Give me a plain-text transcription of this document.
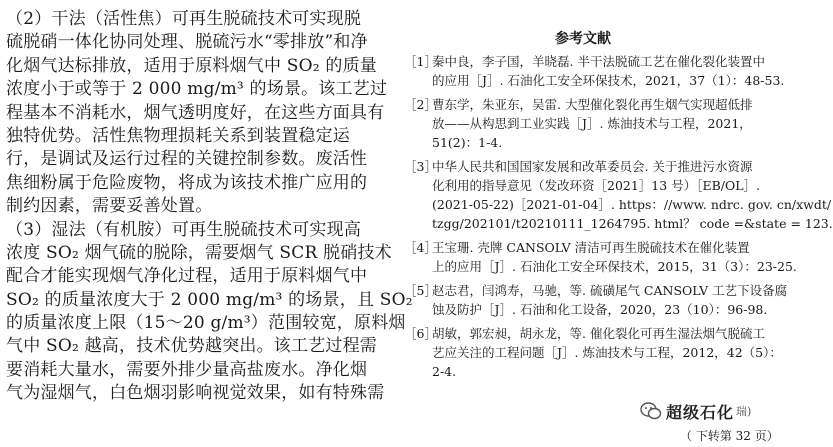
（2）干法（活性焦）可再生脱硫技术可实现脱
硫脱硝一体化协同处理、脱硫污水“零排放”和净
化烟气达标排放，适用于原料烟气中 SO₂ 的质量
浓度小于或等于 2 000 mg/m³ 的场景。该工艺过
程基本不消耗水，烟气透明度好，在这些方面具有
独特优势。活性焦物理损耗关系到装置稳定运
行，是调试及运行过程的关键控制参数。废活性
焦细粉属于危险废物，将成为该技术推广应用的
制约因素，需要妥善处置。
（3）湿法（有机胺）可再生脱硫技术可实现高
浓度 SO₂ 烟气硫的脱除，需要烟气 SCR 脱硝技术
配合才能实现烟气净化过程，适用于原料烟气中
SO₂ 的质量浓度大于 2 000 mg/m³ 的场景，且 SO₂
的质量浓度上限（15～20 g/m³）范围较宽，原料烟
气中 SO₂ 越高，技术优势越突出。该工艺过程需
要消耗大量水，需要外排少量高盐废水。净化烟
气为湿烟气，白色烟羽影响视觉效果，如有特殊需
参考文献
［1］
秦中良，李子国，羊晓磊. 半干法脱硫工艺在催化裂化装置中
的应用［J］. 石油化工安全环保技术，2021，37（1）：48-53.
［2］
曹东学，朱亚东，吴雷. 大型催化裂化再生烟气实现超低排
放——从构思到工业实践［J］. 炼油技术与工程，2021，
51(2)：1-4.
［3］
中华人民共和国国家发展和改革委员会. 关于推进污水资源
化利用的指导意见（发改环资［2021］13 号）［EB/OL］.
(2021-05-22)［2021-01-04］. https：//www. ndrc. gov. cn/xwdt/
tzgg/202101/t20210111_1264795. html？ code =&state = 123.
［4］
王宝珊. 壳牌 CANSOLV 清洁可再生脱硫技术在催化装置
上的应用［J］. 石油化工安全环保技术，2015，31（3）：23-25.
［5］
赵志君，闫鸿寿，马驰，等. 硫磺尾气 CANSOLV 工艺下设备腐
蚀及防护［J］. 石油和化工设备，2020，23（10）：96-98.
［6］
胡敏，郭宏昶，胡永龙，等. 催化裂化可再生湿法烟气脱硫工
艺应关注的工程问题［J］. 炼油技术与工程，2012，42（5）：
2-4.
超级石化 瑞)
（ 下转第 32 页）
